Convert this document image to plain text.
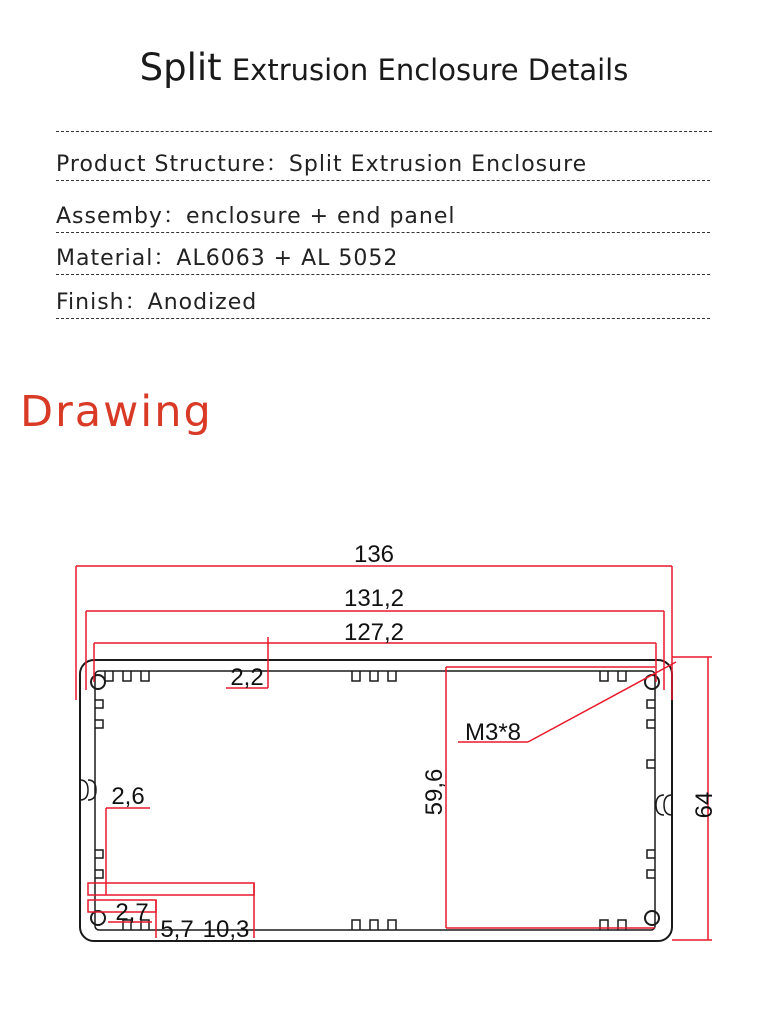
Split Extrusion Enclosure Details
Product Structure：Split Extrusion Enclosure
Assemby：enclosure + end panel
Material：AL6063 + AL 5052
Finish：Anodized
Drawing
136
131,2
127,2
2,2
M3*8
59,6	64
2,6
2,7
5,7 10,3
